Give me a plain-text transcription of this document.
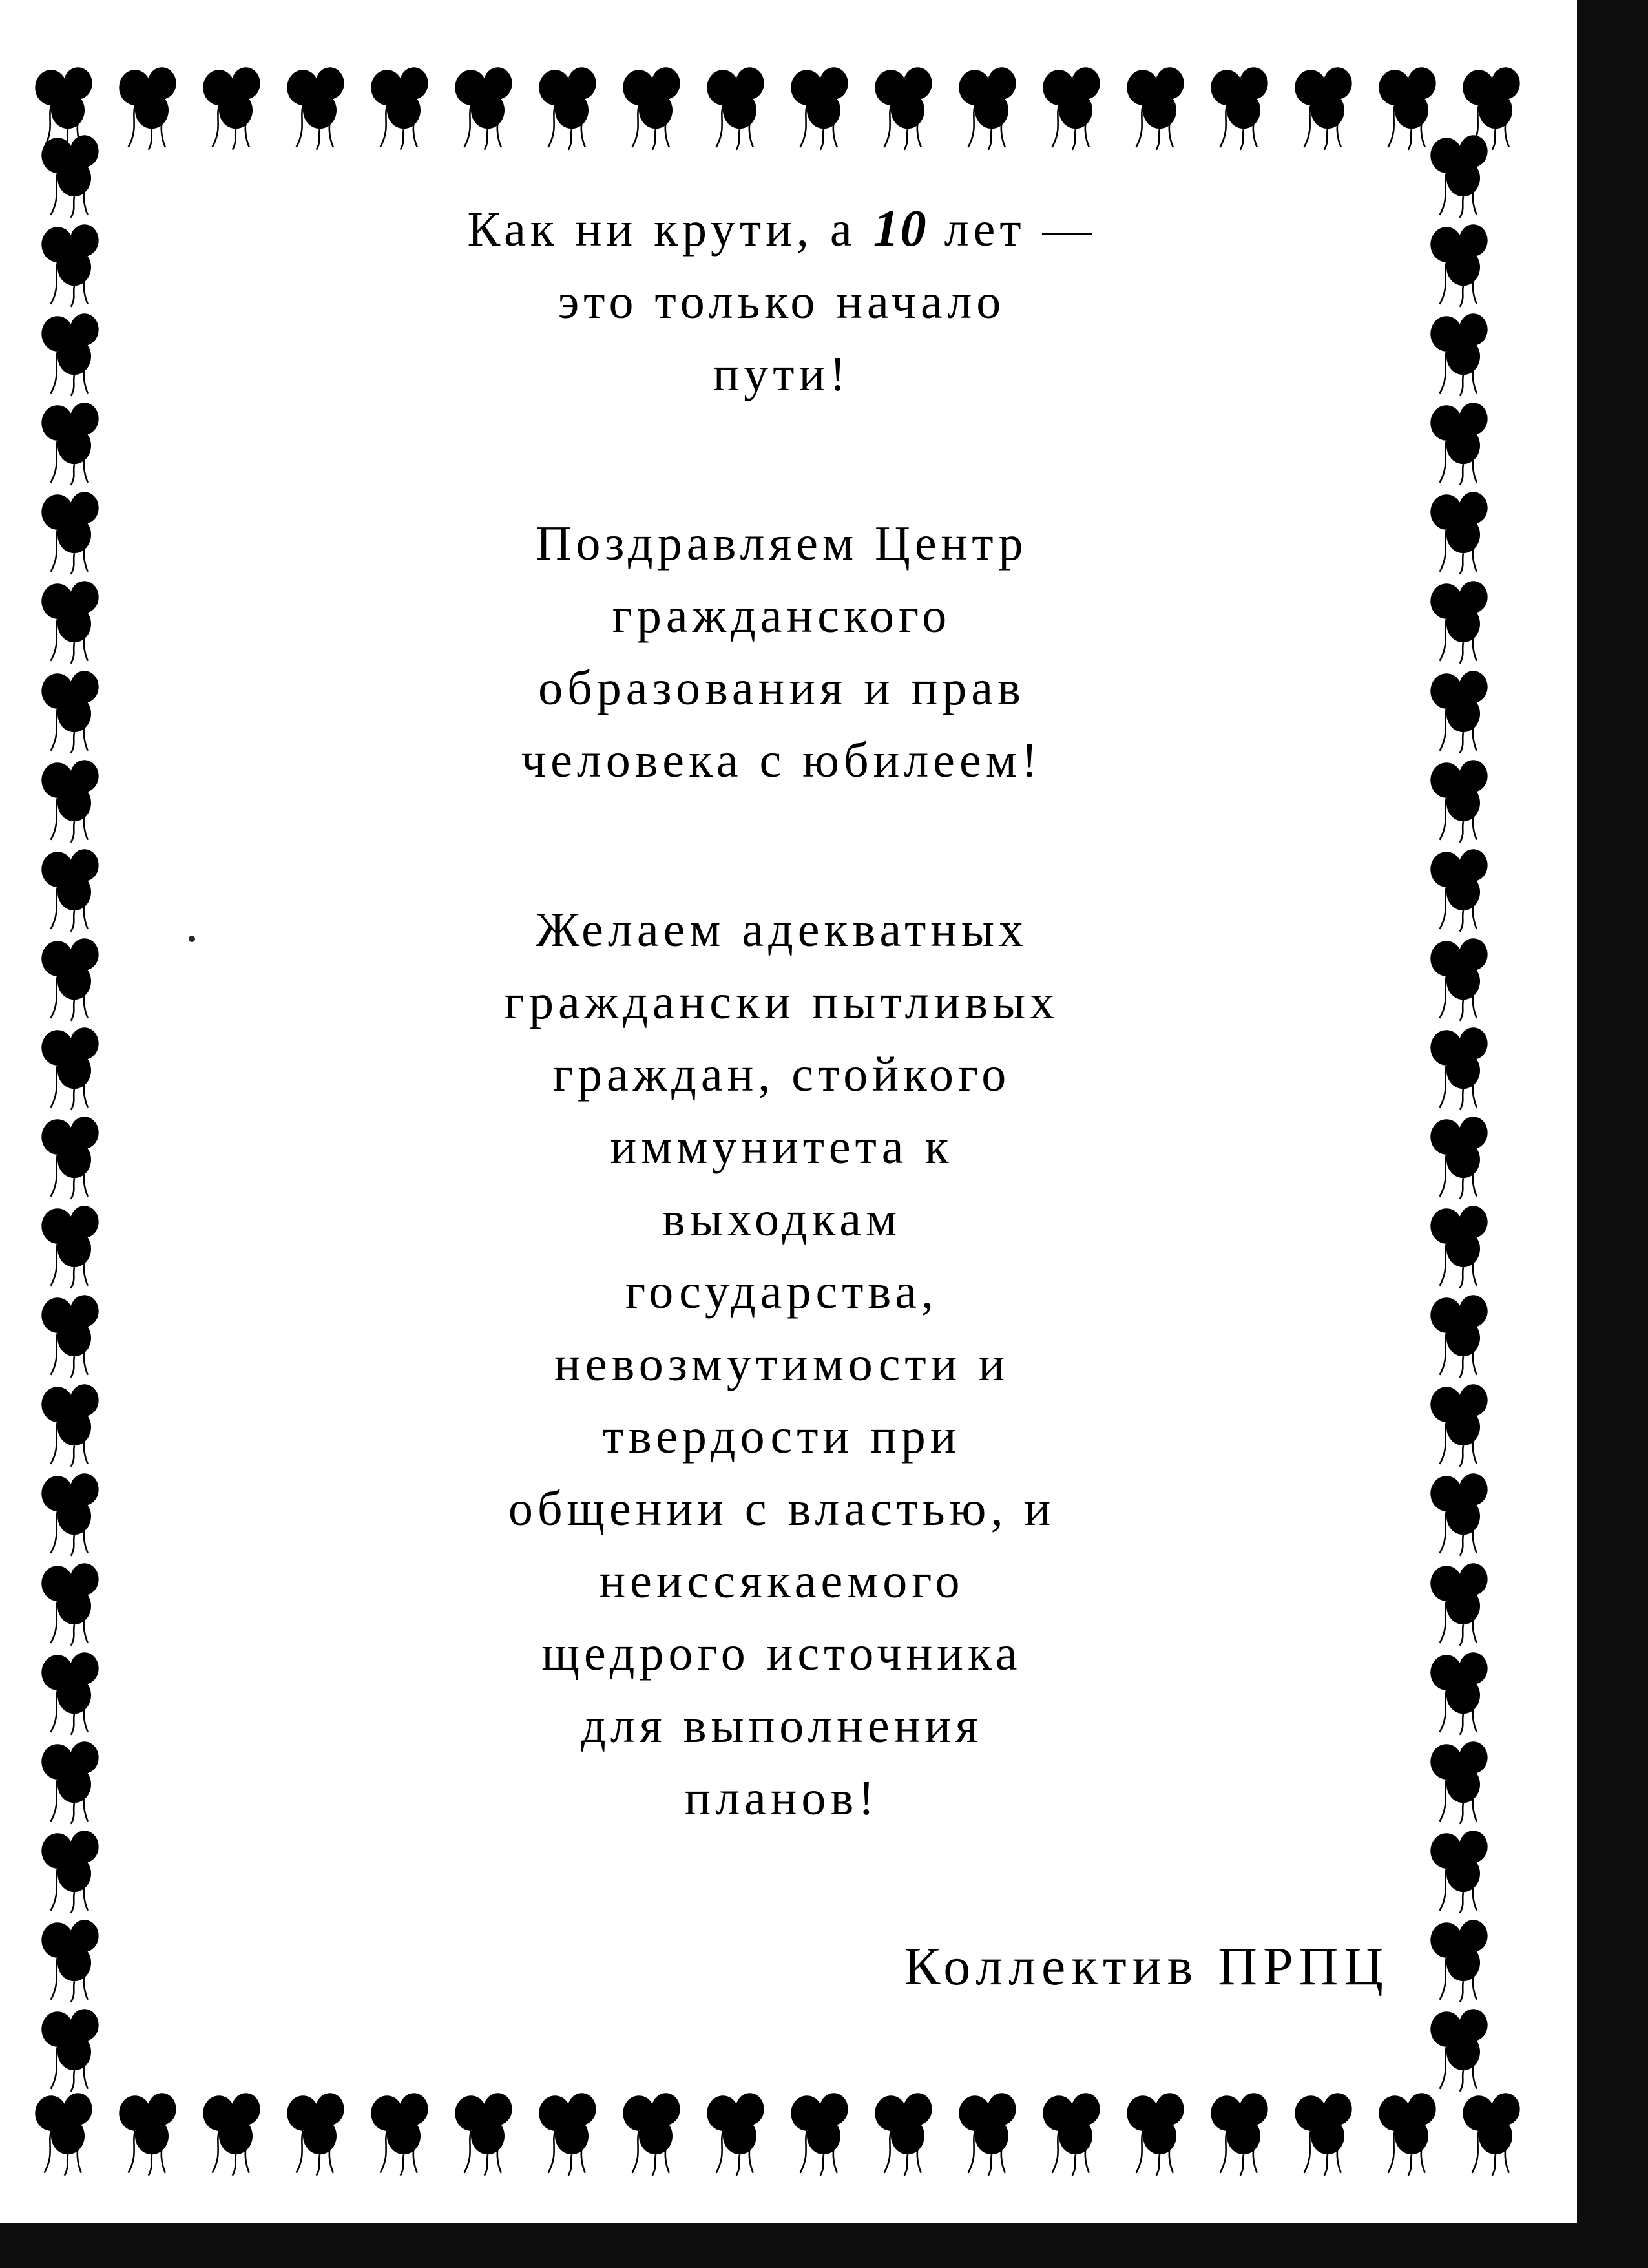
Как ни крути, а 10 лет —
это только начало
пути!
Поздравляем Центр
гражданского
образования и прав
человека с юбилеем!
Желаем адекватных
граждански пытливых
граждан, стойкого
иммунитета к
выходкам
государства,
невозмутимости и
твердости при
общении с властью, и
неиссякаемого
щедрого источника
для выполнения
планов!
Коллектив ПРПЦ
